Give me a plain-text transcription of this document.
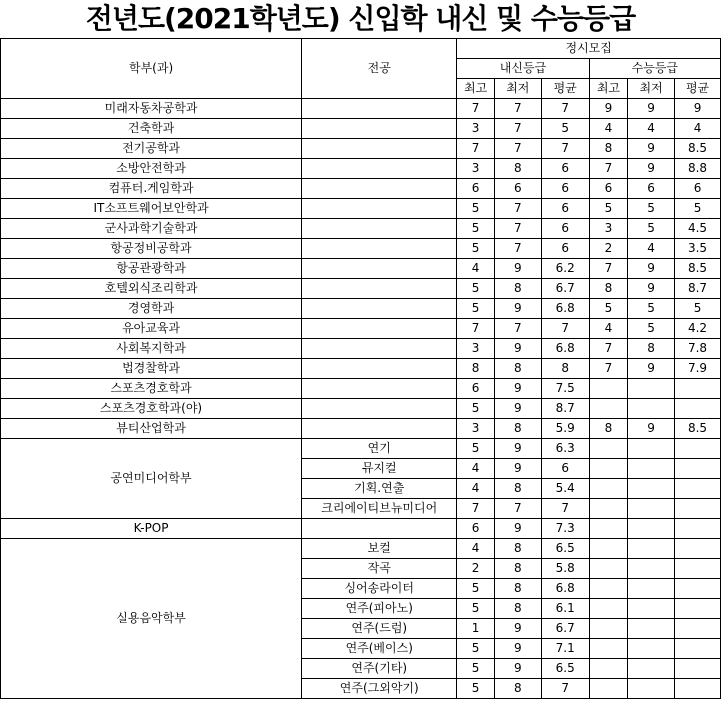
전년도(2021학년도) 신입학 내신 및 수능등급
학부(과)	전공	정시모집					
		내신등급			수능등급		
		최고	최저	평균	최고	최저	평균
미래자동차공학과		7	7	7	9	9	9
건축학과		3	7	5	4	4	4
전기공학과		7	7	7	8	9	8.5
소방안전학과		3	8	6	7	9	8.8
컴퓨터.게임학과		6	6	6	6	6	6
IT소프트웨어보안학과		5	7	6	5	5	5
군사과학기술학과		5	7	6	3	5	4.5
항공정비공학과		5	7	6	2	4	3.5
항공관광학과		4	9	6.2	7	9	8.5
호텔외식조리학과		5	8	6.7	8	9	8.7
경영학과		5	9	6.8	5	5	5
유아교육과		7	7	7	4	5	4.2
사회복지학과		3	9	6.8	7	8	7.8
법경찰학과		8	8	8	7	9	7.9
스포츠경호학과		6	9	7.5			
스포츠경호학과(야)		5	9	8.7			
뷰티산업학과		3	8	5.9	8	9	8.5
공연미디어학부	연기	5	9	6.3			
	뮤지컬	4	9	6			
	기획.연출	4	8	5.4			
	크리에이티브뉴미디어	7	7	7			
K-POP		6	9	7.3			
실용음악학부	보컬	4	8	6.5			
	작곡	2	8	5.8			
	싱어송라이터	5	8	6.8			
	연주(피아노)	5	8	6.1			
	연주(드럼)	1	9	6.7			
	연주(베이스)	5	9	7.1			
	연주(기타)	5	9	6.5			
	연주(그외악기)	5	8	7			
